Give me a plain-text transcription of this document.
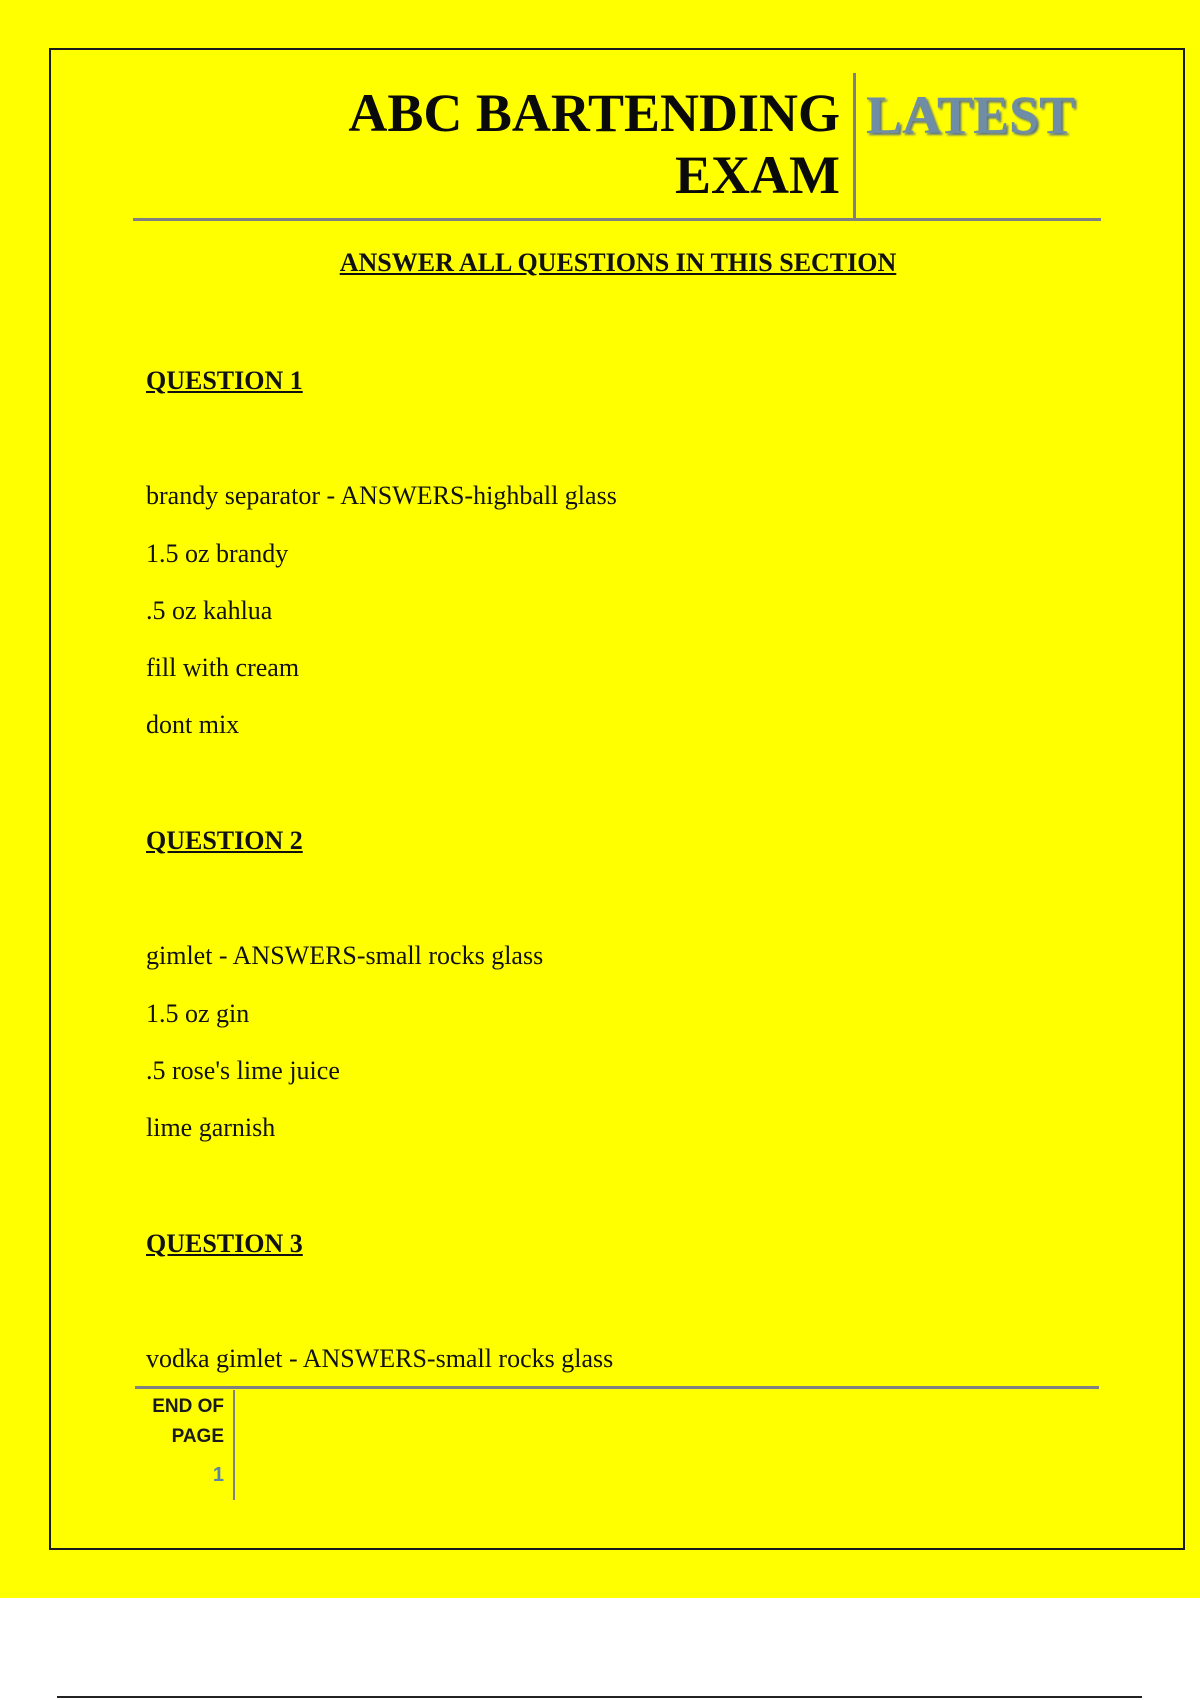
ABC BARTENDING
EXAM
LATEST
ANSWER ALL QUESTIONS IN THIS SECTION
QUESTION 1
brandy separator - ANSWERS-highball glass
1.5 oz brandy
.5 oz kahlua
fill with cream
dont mix
QUESTION 2
gimlet - ANSWERS-small rocks glass
1.5 oz gin
.5 rose's lime juice
lime garnish
QUESTION 3
vodka gimlet - ANSWERS-small rocks glass
END OF
PAGE
1
